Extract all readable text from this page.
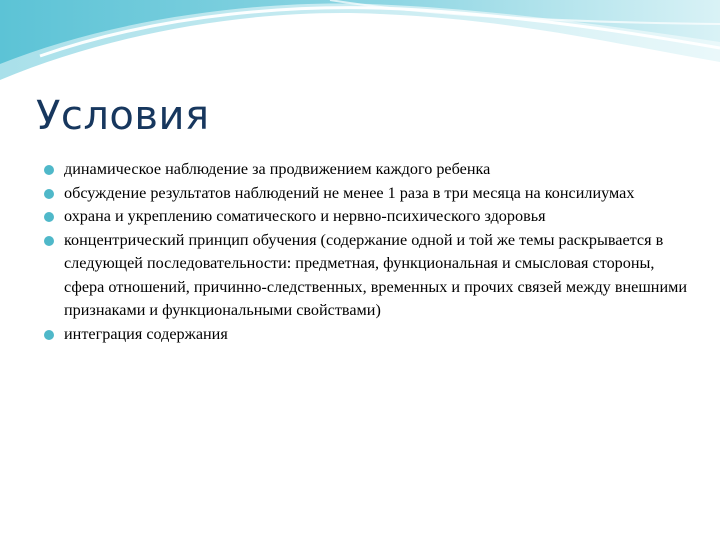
Условия
динамическое наблюдение за продвижением каждого ребенка
обсуждение результатов наблюдений не менее 1 раза в три месяца на консилиумах
охрана и укреплению соматического и нервно-психического здоровья
концентрический принцип обучения (содержание одной и той же темы раскрывается в следующей последовательности: предметная, функциональная и смысловая стороны, сфера отношений, причинно-следственных, временных и прочих связей между внешними признаками и функциональными свойствами)
интеграция содержания
